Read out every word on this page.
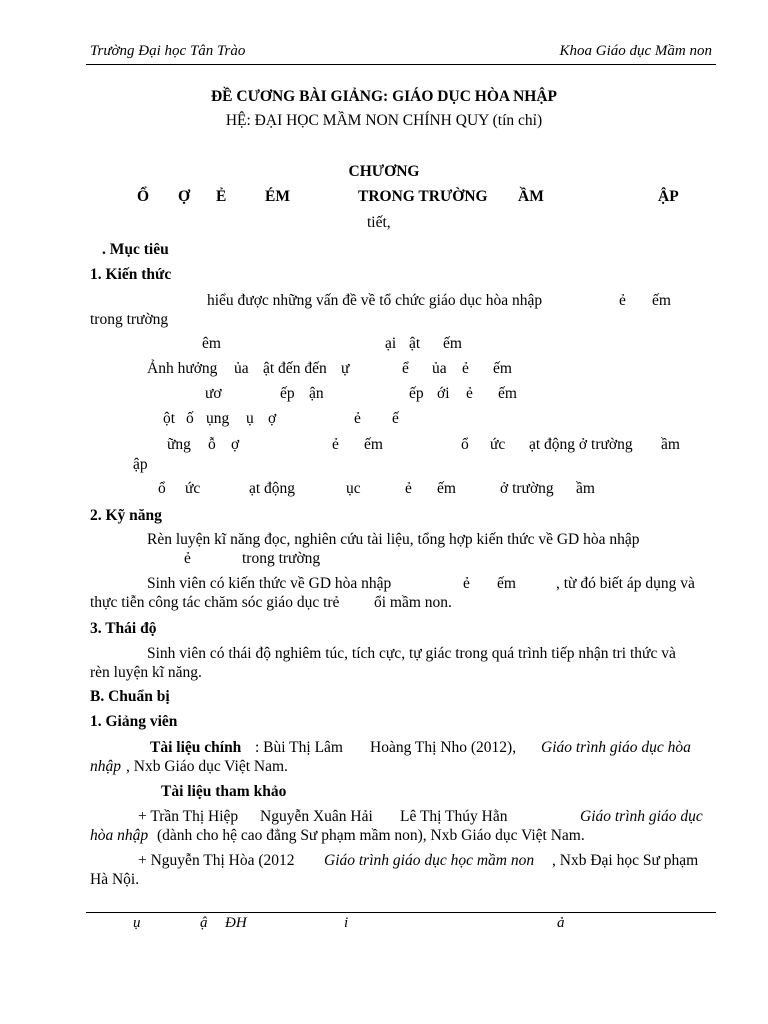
Trường Đại học Tân Trào	Khoa Giáo dục Mầm non
ĐỀ CƯƠNG BÀI GIẢNG: GIÁO DỤC HÒA NHẬP
HỆ: ĐẠI HỌC MẦM NON CHÍNH QUY (tín chỉ)
CHƯƠNG
Ổ Ợ Ẻ ÉM	TRONG TRƯỜNG ẦM	ẬP
tiết,
. Mục tiêu
1. Kiến thức
hiểu được những vấn đề về tổ chức giáo dục hòa nhập	ẻ ếm
trong trường
êm	ại ật ếm
Ảnh hưởng ủa ật đến đến ự	ể ủa ẻ ếm
ươ	ếp ận	ếp ới ẻ ếm
ột ố ụng ụ ợ	ẻ ế
ững ỗ ợ	ẻ ếm	ổ ức ạt động ở trường ầm
ập
ổ ức	ạt động	ục	ẻ ếm	ở trường ầm
2. Kỹ năng
Rèn luyện kĩ năng đọc, nghiên cứu tài liệu, tổng hợp kiến thức về GD hòa nhập
ẻ	trong trường
Sinh viên có kiến thức về GD hòa nhập	ẻ ếm	, từ đó biết áp dụng và
thực tiễn công tác chăm sóc giáo dục trẻ ổi mầm non.
3. Thái độ
Sinh viên có thái độ nghiêm túc, tích cực, tự giác trong quá trình tiếp nhận tri thức và
rèn luyện kĩ năng.
B. Chuẩn bị
1. Giảng viên
Tài liệu chính : Bùi Thị Lâm Hoàng Thị Nho (2012), Giáo trình giáo dục hòa
nhập , Nxb Giáo dục Việt Nam.
Tài liệu tham khảo
+ Trần Thị Hiệp Nguyễn Xuân Hải Lê Thị Thúy Hằn	Giáo trình giáo dục
hòa nhập (dành cho hệ cao đẳng Sư phạm mầm non), Nxb Giáo dục Việt Nam.
+ Nguyễn Thị Hòa (2012 Giáo trình giáo dục học mầm non , Nxb Đại học Sư phạm
Hà Nội.
ụ	ậ ĐH	i	ả
